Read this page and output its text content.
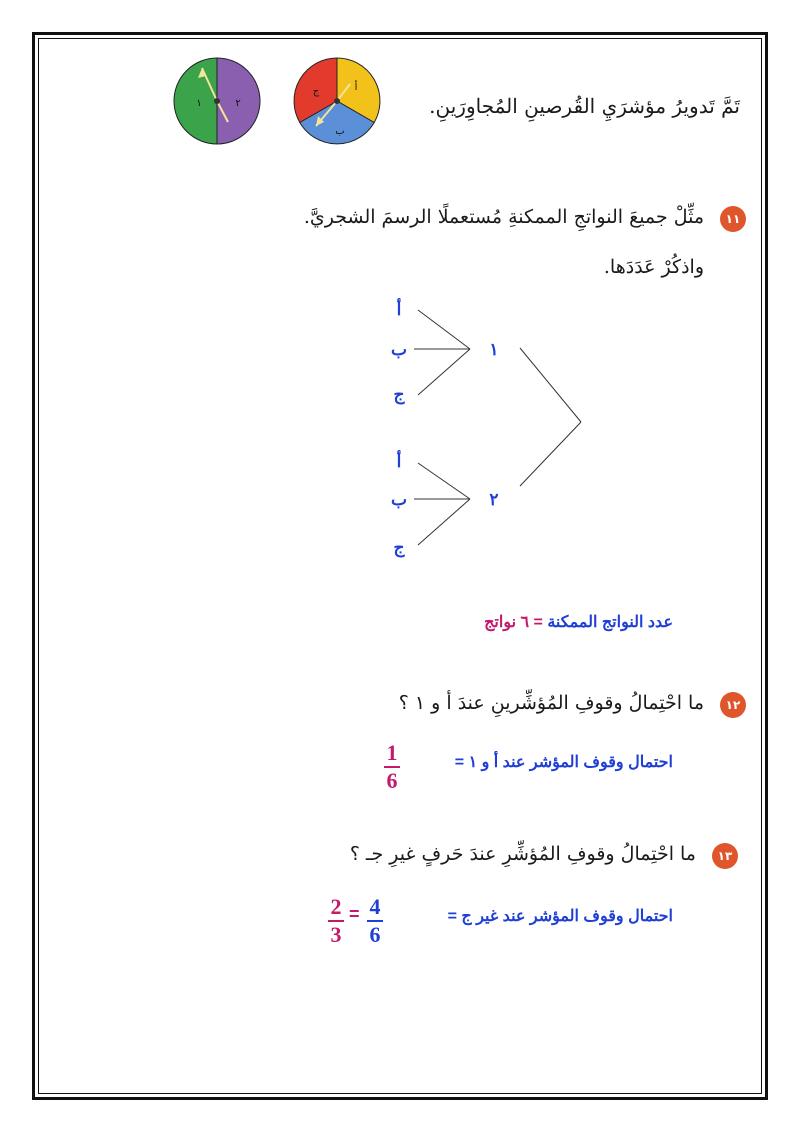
١	٢
أ
ب
ج
تَمَّ تَدويرُ مؤشرَيِ القُرصينِ المُجاوِرَينِ.
١١
مثِّلْ جميعَ النواتجِ الممكنةِ مُستعملًا الرسمَ الشجريَّ.
واذكُرْ عَدَدَها.
١
٢
أ
ب
ج
أ
ب
ج
عدد النواتج الممكنة = ٦ نواتج
١٢
ما احْتِمالُ وقوفِ المُؤشِّرينِ عندَ أ و ١ ؟
احتمال وقوف المؤشر عند أ و ١ =
1
6
١٣
ما احْتِمالُ وقوفِ المُؤشِّرِ عندَ حَرفٍ غيرِ جـ ؟
احتمال وقوف المؤشر عند غير ج =
4
6
=
2
3
